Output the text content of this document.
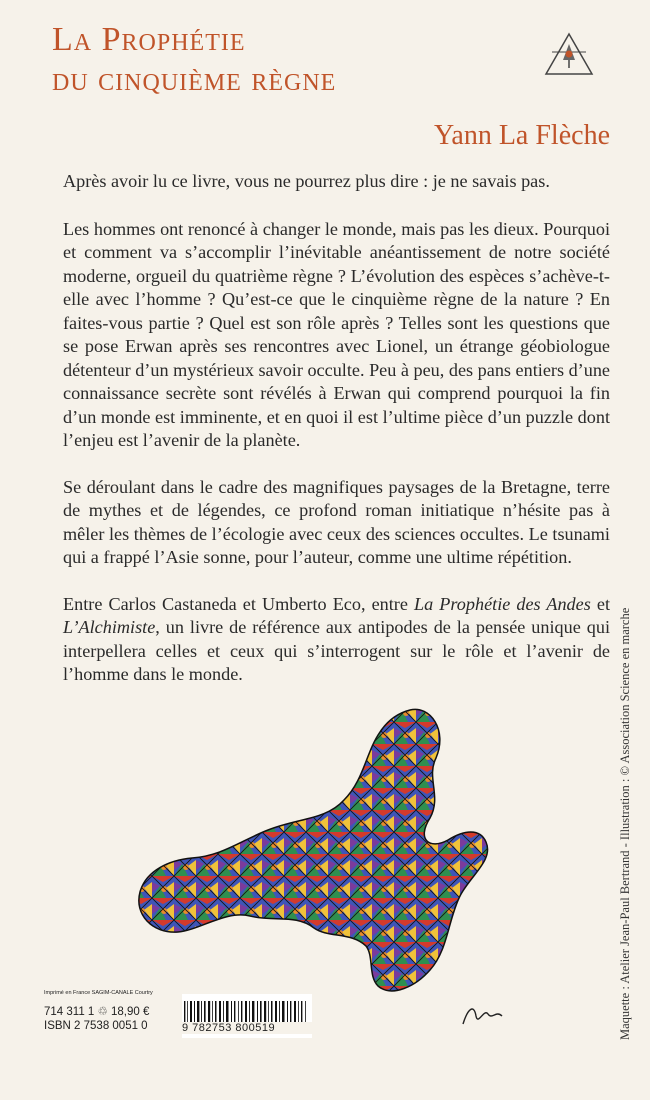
La Prophétie
du cinquième règne
Yann La Flèche

Après avoir lu ce livre, vous ne pourrez plus dire : je ne savais pas.

Les hommes ont renoncé à changer le monde, mais pas les dieux. Pourquoi et comment va s’accomplir l’inévitable anéantissement de notre société moderne, orgueil du quatrième règne ? L’évolution des espèces s’achève-t-elle avec l’homme ? Qu’est-ce que le cinquième règne de la nature ? En faites-vous partie ? Quel est son rôle après ? Telles sont les questions que se pose Erwan après ses rencontres avec Lionel, un étrange géobiologue détenteur d’un mystérieux savoir occulte. Peu à peu, des pans entiers d’une connaissance secrète sont révélés à Erwan qui comprend pourquoi la fin d’un monde est imminente, et en quoi il est l’ultime pièce d’un puzzle dont l’enjeu est l’avenir de la planète.

Se déroulant dans le cadre des magnifiques paysages de la Bretagne, terre de mythes et de légendes, ce profond roman initiatique n’hésite pas à mêler les thèmes de l’écologie avec ceux des sciences occultes. Le tsunami qui a frappé l’Asie sonne, pour l’auteur, comme une ultime répétition.

Entre Carlos Castaneda et Umberto Eco, entre La Prophétie des Andes et L’Alchimiste, un livre de référence aux antipodes de la pensée unique qui interpellera celles et ceux qui s’interrogent sur le rôle et l’avenir de l’homme dans le monde.	Maquette : Atelier Jean-Paul Bertrand - Illustration : © Association Science en marche
Imprimé en France SAGIM-CANALE Courtry
714 311 1 ♲ 18,90 €
ISBN 2 7538 0051 0	9 782753 800519
